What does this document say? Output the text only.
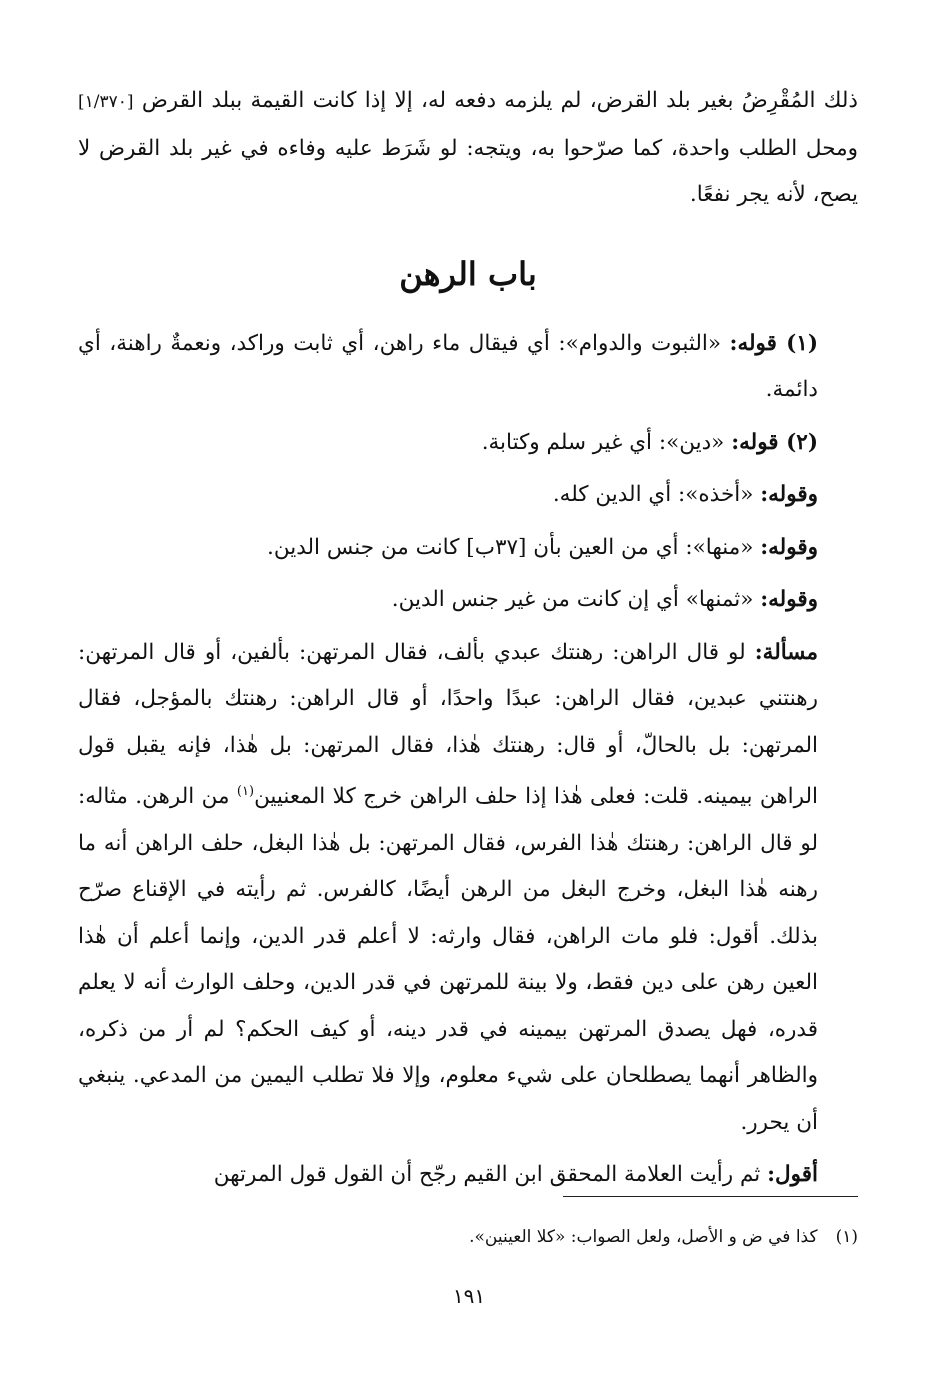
ذلك المُقْرِضُ بغير بلد القرض، لم يلزمه دفعه له، إلا إذا كانت القيمة ببلد القرض [١/٣٧٠] ومحل الطلب واحدة، كما صرّحوا به، ويتجه: لو شَرَط عليه وفاءه في غير بلد القرض لا يصح، لأنه يجر نفعًا.

باب الرهن

(١) قوله: «الثبوت والدوام»: أي فيقال ماء راهن، أي ثابت وراكد، ونعمةٌ راهنة، أي دائمة.

(٢) قوله: «دين»: أي غير سلم وكتابة.

وقوله: «أخذه»: أي الدين كله.

وقوله: «منها»: أي من العين بأن [٣٧ب] كانت من جنس الدين.

وقوله: «ثمنها» أي إن كانت من غير جنس الدين.

مسألة: لو قال الراهن: رهنتك عبدي بألف، فقال المرتهن: بألفين، أو قال المرتهن: رهنتني عبدين، فقال الراهن: عبدًا واحدًا، أو قال الراهن: رهنتك بالمؤجل، فقال المرتهن: بل بالحالّ، أو قال: رهنتك هٰذا، فقال المرتهن: بل هٰذا، فإنه يقبل قول الراهن بيمينه. قلت: فعلى هٰذا إذا حلف الراهن خرج كلا المعنيين$^{(١)}$ من الرهن. مثاله: لو قال الراهن: رهنتك هٰذا الفرس، فقال المرتهن: بل هٰذا البغل، حلف الراهن أنه ما رهنه هٰذا البغل، وخرج البغل من الرهن أيضًا، كالفرس. ثم رأيته في الإقناع صرّح بذلك. أقول: فلو مات الراهن، فقال وارثه: لا أعلم قدر الدين، وإنما أعلم أن هٰذا العين رهن على دين فقط، ولا بينة للمرتهن في قدر الدين، وحلف الوارث أنه لا يعلم قدره، فهل يصدق المرتهن بيمينه في قدر دينه، أو كيف الحكم؟ لم أر من ذكره، والظاهر أنهما يصطلحان على شيء معلوم، وإلا فلا تطلب اليمين من المدعي. ينبغي أن يحرر.

أقول: ثم رأيت العلامة المحقق ابن القيم رجّح أن القول قول المرتهن

(١)كذا في ض و الأصل، ولعل الصواب: «كلا العينين».
١٩١
